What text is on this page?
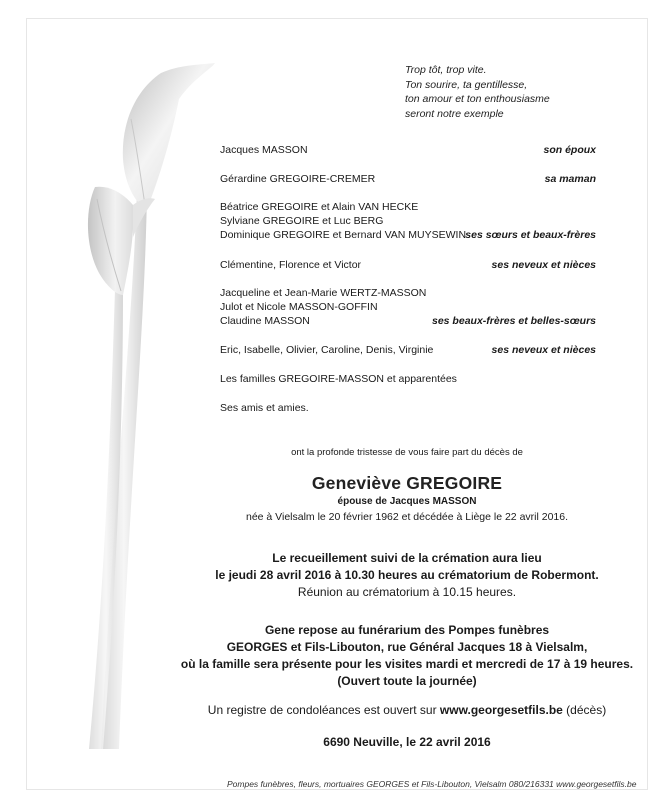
Trop tôt, trop vite.
Ton sourire, ta gentillesse,
ton amour et ton enthousiasme
seront notre exemple
Jacques MASSON	son époux
Gérardine GREGOIRE-CREMER	sa maman
Béatrice GREGOIRE et Alain VAN HECKE
Sylviane GREGOIRE et Luc BERG
Dominique GREGOIRE et Bernard VAN MUYSEWIN ses sœurs et beaux-frères
Clémentine, Florence et Victor	ses neveux et nièces
Jacqueline et Jean-Marie WERTZ-MASSON
Julot et Nicole MASSON-GOFFIN
Claudine MASSON	ses beaux-frères et belles-sœurs
Eric, Isabelle, Olivier, Caroline, Denis, Virginie	ses neveux et nièces
Les familles GREGOIRE-MASSON et apparentées
Ses amis et amies.
ont la profonde tristesse de vous faire part du décès de
Geneviève GREGOIRE
épouse de Jacques MASSON
née à Vielsalm le 20 février 1962 et décédée à Liège le 22 avril 2016.
Le recueillement suivi de la crémation aura lieu
le jeudi 28 avril 2016 à 10.30 heures au crématorium de Robermont.
Réunion au crématorium à 10.15 heures.
Gene repose au funérarium des Pompes funèbres
GEORGES et Fils-Libouton, rue Général Jacques 18 à Vielsalm,
où la famille sera présente pour les visites mardi et mercredi de 17 à 19 heures.
(Ouvert toute la journée)
Un registre de condoléances est ouvert sur www.georgesetfils.be (décès)
6690 Neuville, le 22 avril 2016
Pompes funèbres, fleurs, mortuaires GEORGES et Fils-Libouton, Vielsalm 080/216331 www.georgesetfils.be
